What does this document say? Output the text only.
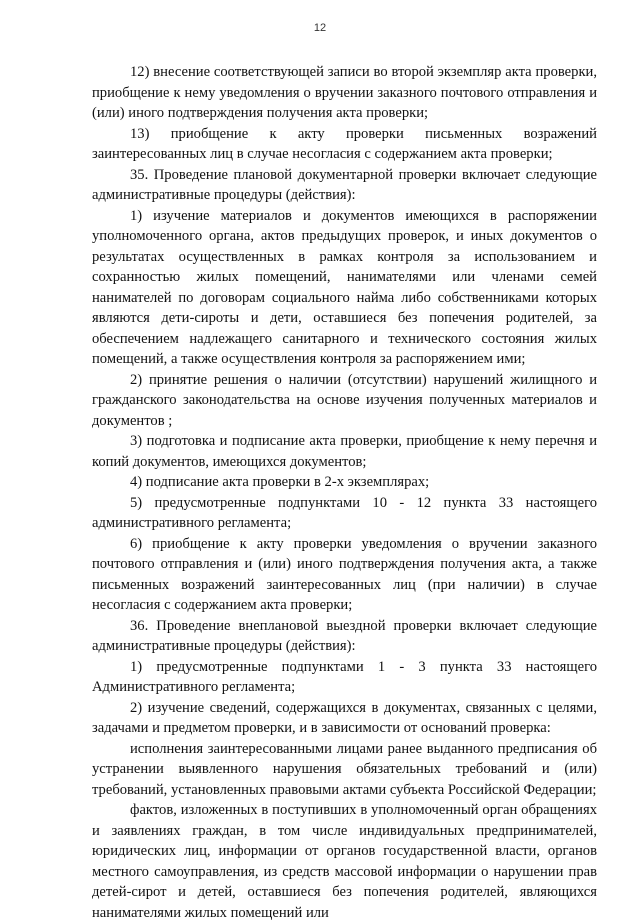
12

12) внесение соответствующей записи во второй экземпляр акта проверки, приобщение к нему уведомления о вручении заказного почтового отправления и (или) иного подтверждения получения акта проверки;

13) приобщение к акту проверки письменных возражений заинтересованных лиц в случае несогласия с содержанием акта проверки;

35. Проведение плановой документарной проверки включает следующие административные процедуры (действия):

1) изучение материалов и документов имеющихся в распоряжении уполномоченного органа, актов предыдущих проверок, и иных документов о результатах осуществленных в рамках контроля за использованием и сохранностью жилых помещений, нанимателями или членами семей нанимателей по договорам социального найма либо собственниками которых являются дети-сироты и дети, оставшиеся без попечения родителей, за обеспечением надлежащего санитарного и технического состояния жилых помещений, а также осуществления контроля за распоряжением ими;

2) принятие решения о наличии (отсутствии) нарушений жилищного и гражданского законодательства на основе изучения полученных материалов и документов ;

3) подготовка и подписание акта проверки, приобщение к нему перечня и копий документов, имеющихся документов;

4) подписание акта проверки в 2-х экземплярах;

5) предусмотренные подпунктами 10 - 12 пункта 33 настоящего административного регламента;

6) приобщение к акту проверки уведомления о вручении заказного почтового отправления и (или) иного подтверждения получения акта, а также письменных возражений заинтересованных лиц (при наличии) в случае несогласия с содержанием акта проверки;

36. Проведение внеплановой выездной проверки включает следующие административные процедуры (действия):

1) предусмотренные подпунктами 1 - 3 пункта 33 настоящего Административного регламента;

2) изучение сведений, содержащихся в документах, связанных с целями, задачами и предметом проверки, и в зависимости от оснований проверка:

исполнения заинтересованными лицами ранее выданного предписания об устранении выявленного нарушения обязательных требований и (или) требований, установленных правовыми актами субъекта Российской Федерации;

фактов, изложенных в поступивших в уполномоченный орган обращениях и заявлениях граждан, в том числе индивидуальных предпринимателей, юридических лиц, информации от органов государственной власти, органов местного самоуправления, из средств массовой информации о нарушении прав детей-сирот и детей, оставшиеся без попечения родителей, являющихся нанимателями жилых помещений или
